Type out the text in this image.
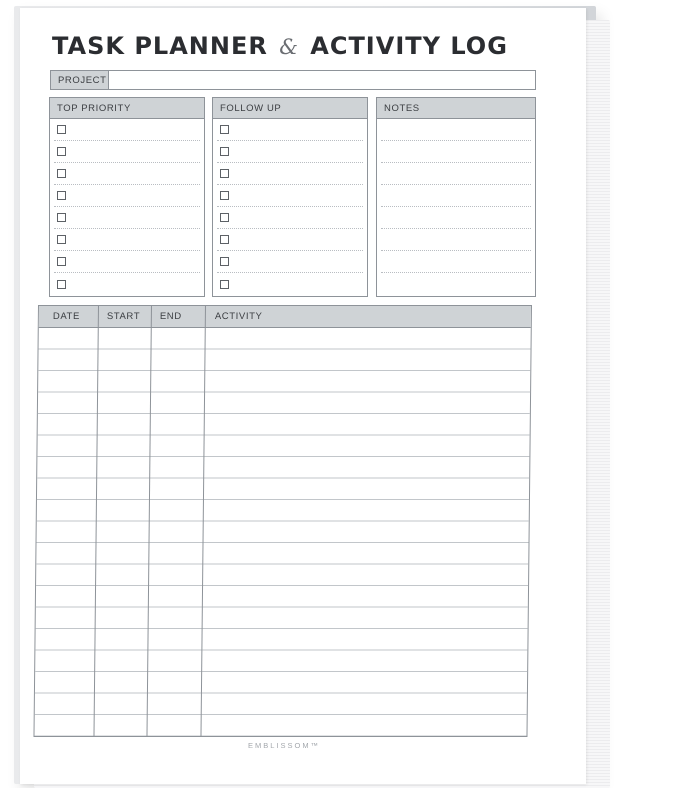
TASK PLANNER & ACTIVITY LOG
PROJECT
TOP PRIORITY	FOLLOW UP	NOTES
DATE	START	END	ACTIVITY
EMBLISSOM™
